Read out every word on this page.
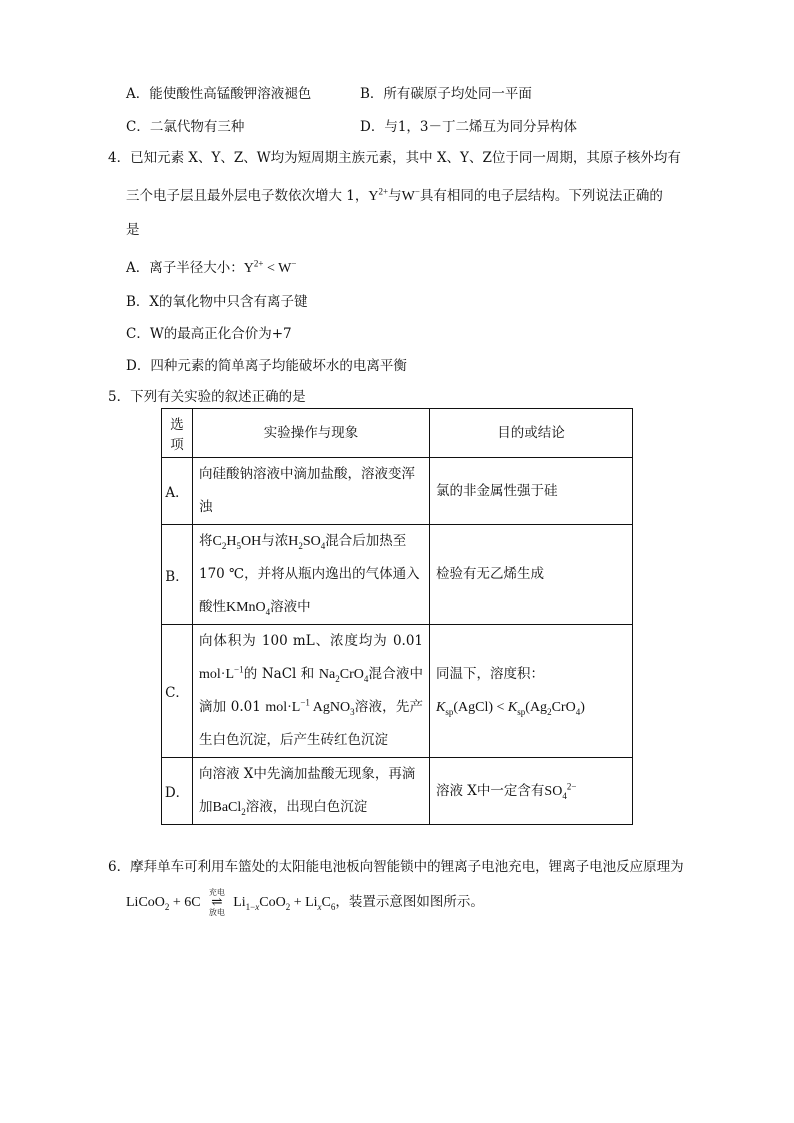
A．能使酸性高锰酸钾溶液褪色	B．所有碳原子均处同一平面
C．二氯代物有三种	D．与1，3－丁二烯互为同分异构体
4．已知元素 X、Y、Z、W均为短周期主族元素，其中 X、Y、Z位于同一周期，其原子核外均有
三个电子层且最外层电子数依次增大 1，$Y^{2+}$与W−具有相同的电子层结构。下列说法正确的
是
A．离子半径大小：$Y^{2+} < W^-$
B．X的氧化物中只含有离子键
C．W的最高正化合价为+7
D．四种元素的简单离子均能破坏水的电离平衡
5．下列有关实验的叙述正确的是
选项	实验操作与现象	目的或结论
A．	向硅酸钠溶液中滴加盐酸，溶液变浑浊	氯的非金属性强于硅
B．	将$C_2H_5OH$与浓$H_2SO_4$混合后加热至 170 ℃，并将从瓶内逸出的气体通入酸性KMnO$_4$溶液中	检验有无乙烯生成
C．	向体积为 100 mL、浓度均为 0.01 $mol\cdot L^{-1}$的 NaCl 和 $Na_2CrO_4$混合液中滴加 0.01 $mol\cdot L^{-1}$ AgNO$_3$溶液，先产生白色沉淀，后产生砖红色沉淀	同温下，溶度积：
$K_{sp}(AgCl) < K_{sp}(Ag_2CrO_4)$

D．	向溶液 X中先滴加盐酸无现象，再滴加BaCl$_2$溶液，出现白色沉淀	溶液 X中一定含有$SO_4^{2-}$
6．摩拜单车可利用车篮处的太阳能电池板向智能锁中的锂离子电池充电，锂离子电池反应原理为
LiCoO$_2$ + 6C
充电
⇌
放电
$Li_{1-x}CoO_2 + Li_xC_6$，装置示意图如图所示。
